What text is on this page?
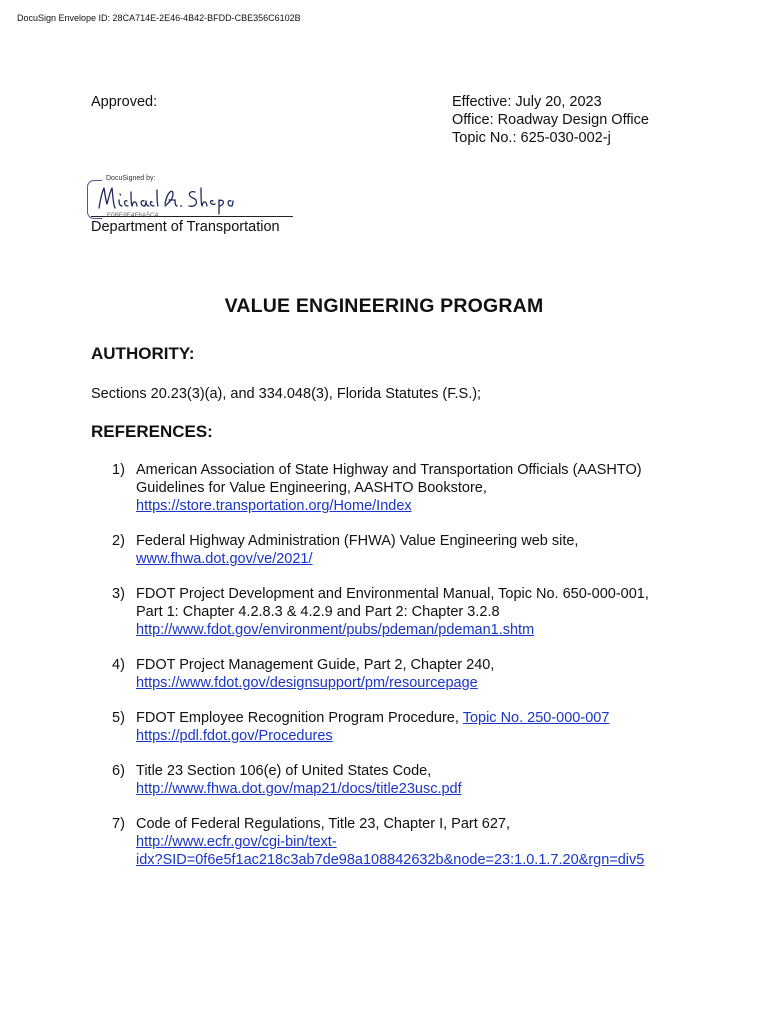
DocuSign Envelope ID: 28CA714E-2E46-4B42-BFDD-CBE356C6102B
Approved:	Effective: July 20, 2023
Office: Roadway Design Office
Topic No.: 625-030-002-j
DocuSigned by:
Department of Transportation
VALUE ENGINEERING PROGRAM
AUTHORITY:
Sections 20.23(3)(a), and 334.048(3), Florida Statutes (F.S.);
REFERENCES:
1) American Association of State Highway and Transportation Officials (AASHTO)
Guidelines for Value Engineering, AASHTO Bookstore,
https://store.transportation.org/Home/Index
2) Federal Highway Administration (FHWA) Value Engineering web site,
www.fhwa.dot.gov/ve/2021/
3) FDOT Project Development and Environmental Manual, Topic No. 650-000-001,
Part 1: Chapter 4.2.8.3 & 4.2.9 and Part 2: Chapter 3.2.8
http://www.fdot.gov/environment/pubs/pdeman/pdeman1.shtm
4) FDOT Project Management Guide, Part 2, Chapter 240,
https://www.fdot.gov/designsupport/pm/resourcepage
5) FDOT Employee Recognition Program Procedure, Topic No. 250-000-007
https://pdl.fdot.gov/Procedures
6) Title 23 Section 106(e) of United States Code,
http://www.fhwa.dot.gov/map21/docs/title23usc.pdf
7) Code of Federal Regulations, Title 23, Chapter I, Part 627,
http://www.ecfr.gov/cgi-bin/text-
idx?SID=0f6e5f1ac218c3ab7de98a108842632b&node=23:1.0.1.7.20&rgn=div5
